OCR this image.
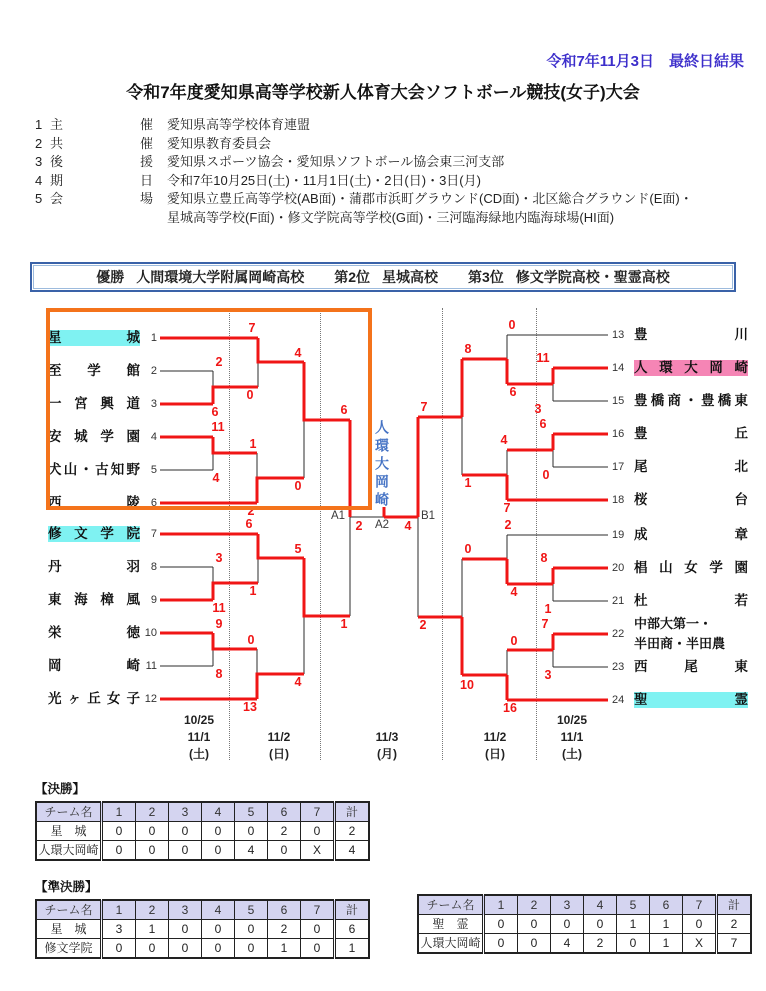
令和7年11月3日　最終日結果
令和7年度愛知県高等学校新人体育大会ソフトボール競技(女子)大会
1 主	催	愛知県高等学校体育連盟
2 共	催	愛知県教育委員会
3 後	援	愛知県スポーツ協会・愛知県ソフトボール協会東三河支部
4 期	日	令和7年10月25日(土)・11月1日(土)・2日(日)・3日(月)
5 会	場	愛知県立豊丘高等学校(AB面)・蒲郡市浜町グラウンド(CD面)・北区総合グラウンド(E面)・
星城高等学校(F面)・修文学院高等学校(G面)・三河臨海緑地内臨海球場(HI面)
優勝 人間環境大学附属岡崎高校 第2位 星城高校 第3位 修文学院高校・聖霊高校
星城 1
至学館 2
一宮興道 3
安城学園 4
犬山・古知野 5
西陵 6
修文学院 7
丹羽 8
東海樟風 9
栄徳 10
岡崎 11
光ヶ丘女子 12
13 豊川
14 人環大岡崎
15 豊橋商・豊橋東
16 豊丘
17 尾北
18 桜台
19 成章
20 椙山女学園
21 杜若
22
中部大第一・
半田商・半田農
23 西尾東
24 聖霊
7
2
6
0
4
11
4
1
2
0
6
6
3
11
1
5
9
8
0
13
4
1
2	4
A1
A2
B1
人環大岡崎
0
11
3
6
8
6
0
4
7
1
7
2
8
1
4
0
7
3
0
16
10
2
10/25
11/1
(土)
11/2
(日)
11/3
(月)
11/2
(日)
10/25
11/1
(土)
【決勝】
チーム名	1	2	3	4	5	6	7	計
星　城	0	0	0	0	0	2	0	2
人環大岡崎	0	0	0	0	4	0	X	4
【準決勝】
チーム名	1	2	3	4	5	6	7	計
星　城	3	1	0	0	0	2	0	6
修文学院	0	0	0	0	0	1	0	1
チーム名	1	2	3	4	5	6	7	計
聖　霊	0	0	0	0	1	1	0	2
人環大岡崎	0	0	4	2	0	1	X	7
